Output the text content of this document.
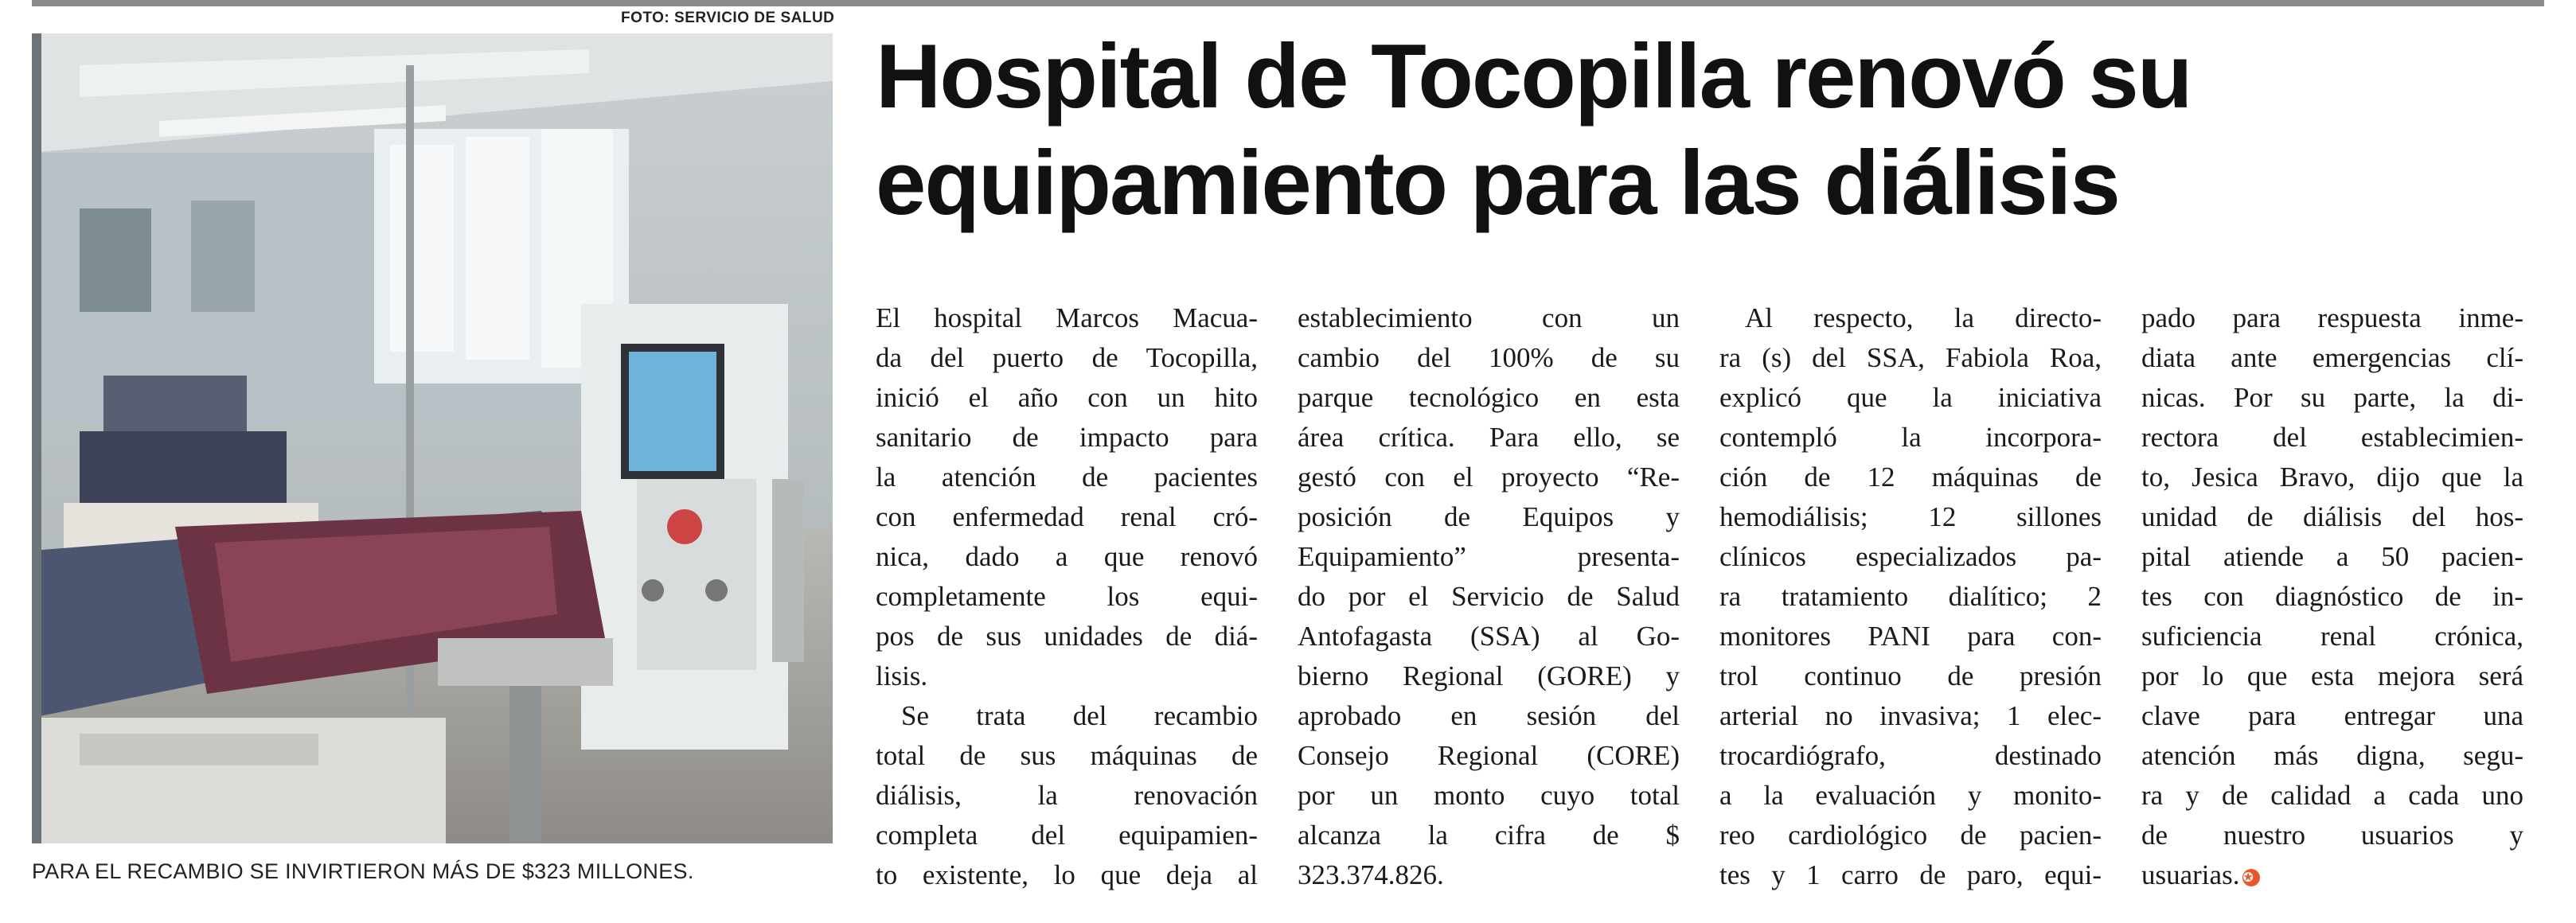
FOTO: SERVICIO DE SALUD
PARA EL RECAMBIO SE INVIRTIERON MÁS DE $323 MILLONES.
Hospital de Tocopilla renovó su
equipamiento para las diálisis
El hospital Marcos Macua-
da del puerto de Tocopilla,
inició el año con un hito
sanitario de impacto para
la atención de pacientes
con enfermedad renal cró-
nica, dado a que renovó
completamente los equi-
pos de sus unidades de diá-
lisis.
Se trata del recambio
total de sus máquinas de
diálisis, la renovación
completa del equipamien-
to existente, lo que deja al
establecimiento con un
cambio del 100% de su
parque tecnológico en esta
área crítica. Para ello, se
gestó con el proyecto “Re-
posición de Equipos y
Equipamiento” presenta-
do por el Servicio de Salud
Antofagasta (SSA) al Go-
bierno Regional (GORE) y
aprobado en sesión del
Consejo Regional (CORE)
por un monto cuyo total
alcanza la cifra de $
323.374.826.
Al respecto, la directo-
ra (s) del SSA, Fabiola Roa,
explicó que la iniciativa
contempló la incorpora-
ción de 12 máquinas de
hemodiálisis; 12 sillones
clínicos especializados pa-
ra tratamiento dialítico; 2
monitores PANI para con-
trol continuo de presión
arterial no invasiva; 1 elec-
trocardiógrafo, destinado
a la evaluación y monito-
reo cardiológico de pacien-
tes y 1 carro de paro, equi-
pado para respuesta inme-
diata ante emergencias clí-
nicas. Por su parte, la di-
rectora del establecimien-
to, Jesica Bravo, dijo que la
unidad de diálisis del hos-
pital atiende a 50 pacien-
tes con diagnóstico de in-
suficiencia renal crónica,
por lo que esta mejora será
clave para entregar una
atención más digna, segu-
ra y de calidad a cada uno
de nuestro usuarios y
usuarias. ✪
